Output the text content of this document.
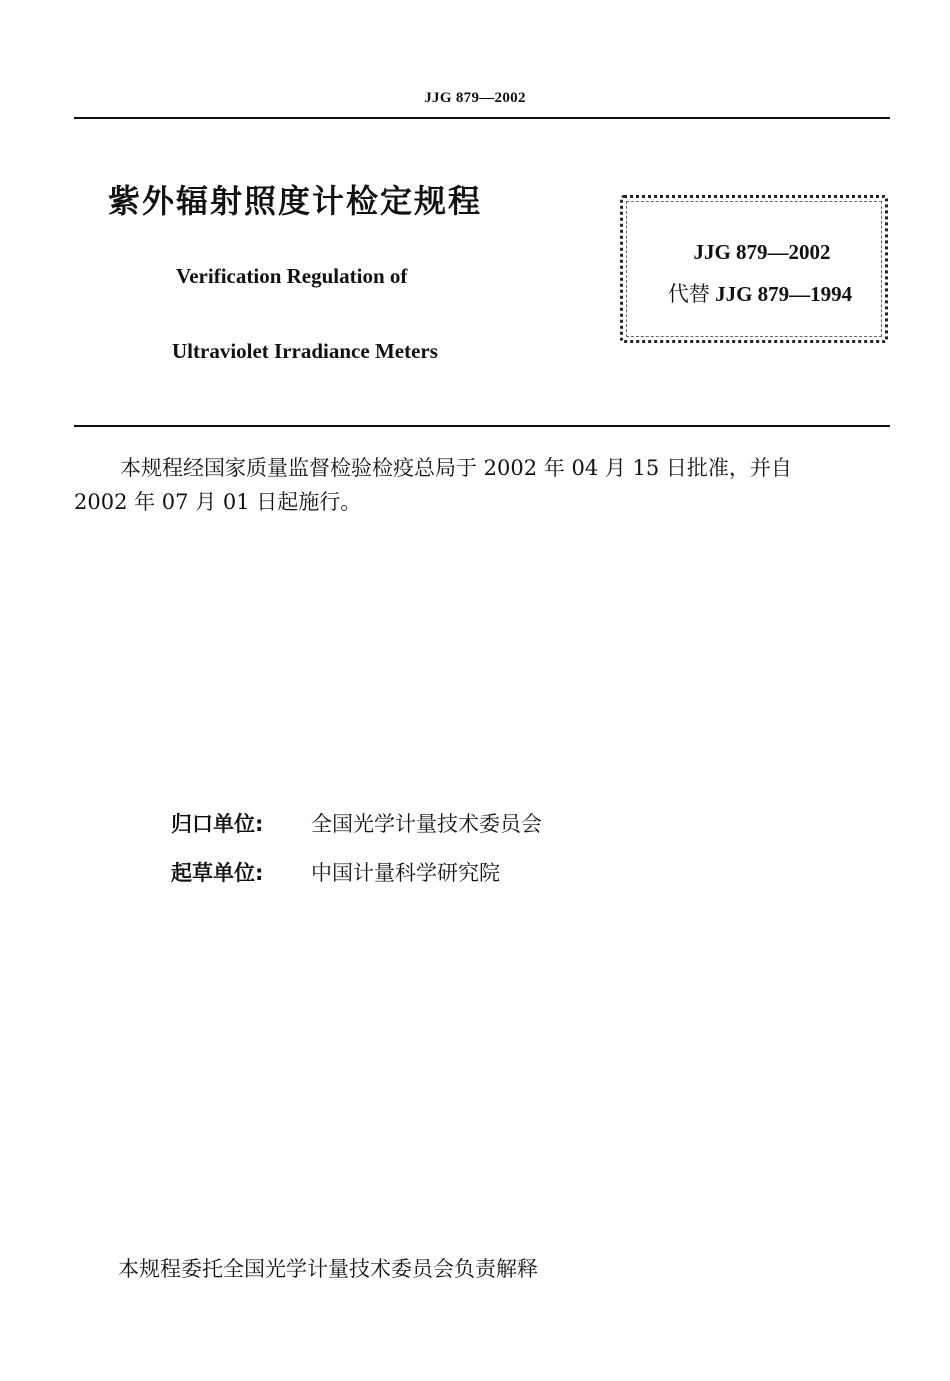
JJG 879—2002
紫外辐射照度计检定规程
Verification Regulation of
Ultraviolet Irradiance Meters
JJG 879—2002
代替 JJG 879—1994
本规程经国家质量监督检验检疫总局于 2002 年 04 月 15 日批准，并自
2002 年 07 月 01 日起施行。
归口单位: 全国光学计量技术委员会
起草单位: 中国计量科学研究院
本规程委托全国光学计量技术委员会负责解释
